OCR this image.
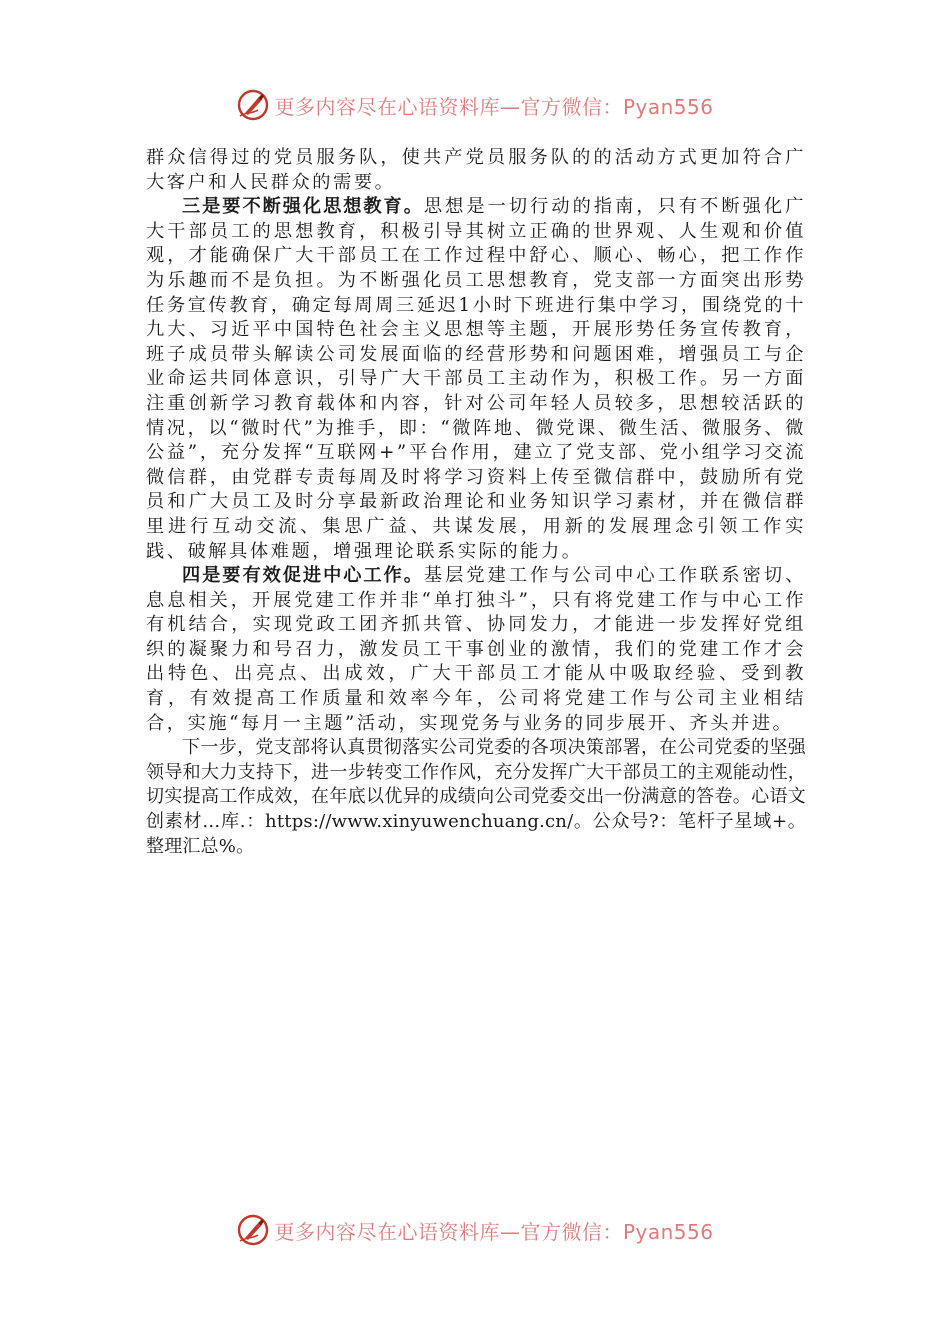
更多内容尽在心语资料库—官方微信：Pyan556

群众信得过的党员服务队，使共产党员服务队的的活动方式更加符合广大客户和人民群众的需要。

三是要不断强化思想教育。思想是一切行动的指南，只有不断强化广大干部员工的思想教育，积极引导其树立正确的世界观、人生观和价值观，才能确保广大干部员工在工作过程中舒心、顺心、畅心，把工作作为乐趣而不是负担。为不断强化员工思想教育，党支部一方面突出形势任务宣传教育，确定每周周三延迟1小时下班进行集中学习，围绕党的十九大、习近平中国特色社会主义思想等主题，开展形势任务宣传教育，班子成员带头解读公司发展面临的经营形势和问题困难，增强员工与企业命运共同体意识，引导广大干部员工主动作为，积极工作。另一方面注重创新学习教育载体和内容，针对公司年轻人员较多，思想较活跃的情况，以“微时代”为推手，即：“微阵地、微党课、微生活、微服务、微公益”，充分发挥“互联网+”平台作用，建立了党支部、党小组学习交流微信群，由党群专责每周及时将学习资料上传至微信群中，鼓励所有党员和广大员工及时分享最新政治理论和业务知识学习素材，并在微信群里进行互动交流、集思广益、共谋发展，用新的发展理念引领工作实践、破解具体难题，增强理论联系实际的能力。

四是要有效促进中心工作。基层党建工作与公司中心工作联系密切、息息相关，开展党建工作并非“单打独斗”，只有将党建工作与中心工作有机结合，实现党政工团齐抓共管、协同发力，才能进一步发挥好党组织的凝聚力和号召力，激发员工干事创业的激情，我们的党建工作才会出特色、出亮点、出成效，广大干部员工才能从中吸取经验、受到教育，有效提高工作质量和效率今年，公司将党建工作与公司主业相结合，实施“每月一主题”活动，实现党务与业务的同步展开、齐头并进。

下一步，党支部将认真贯彻落实公司党委的各项决策部署，在公司党委的坚强领导和大力支持下，进一步转变工作作风，充分发挥广大干部员工的主观能动性，切实提高工作成效，在年底以优异的成绩向公司党委交出一份满意的答卷。心语文创素材…库.：https://www.xinyuwenchuang.cn/。公众号?：笔杆子星域+。整理汇总%。

更多内容尽在心语资料库—官方微信：Pyan556
